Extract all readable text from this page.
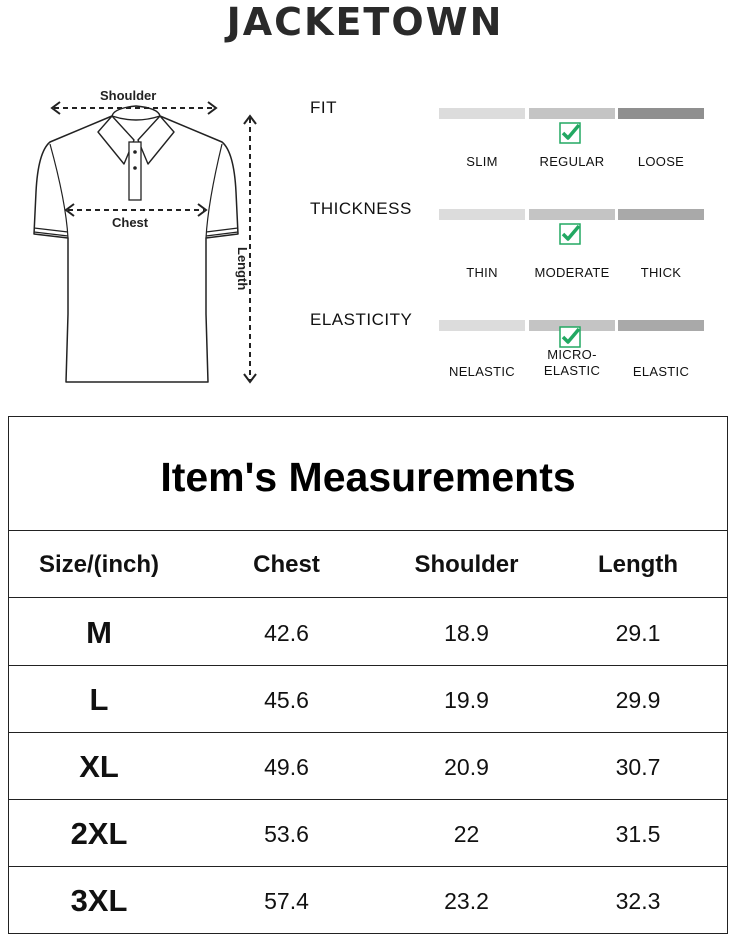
JACKETOWN
Shoulder
Chest
Length
FIT
SLIM	REGULAR	LOOSE
THICKNESS
THIN	MODERATE	THICK
ELASTICITY
NELASTIC
MICRO-
ELASTIC	ELASTIC
Item's Measurements
Size/(inch)	Chest	Shoulder	Length
M	42.6	18.9	29.1
L	45.6	19.9	29.9
XL	49.6	20.9	30.7
2XL	53.6	22	31.5
3XL	57.4	23.2	32.3
